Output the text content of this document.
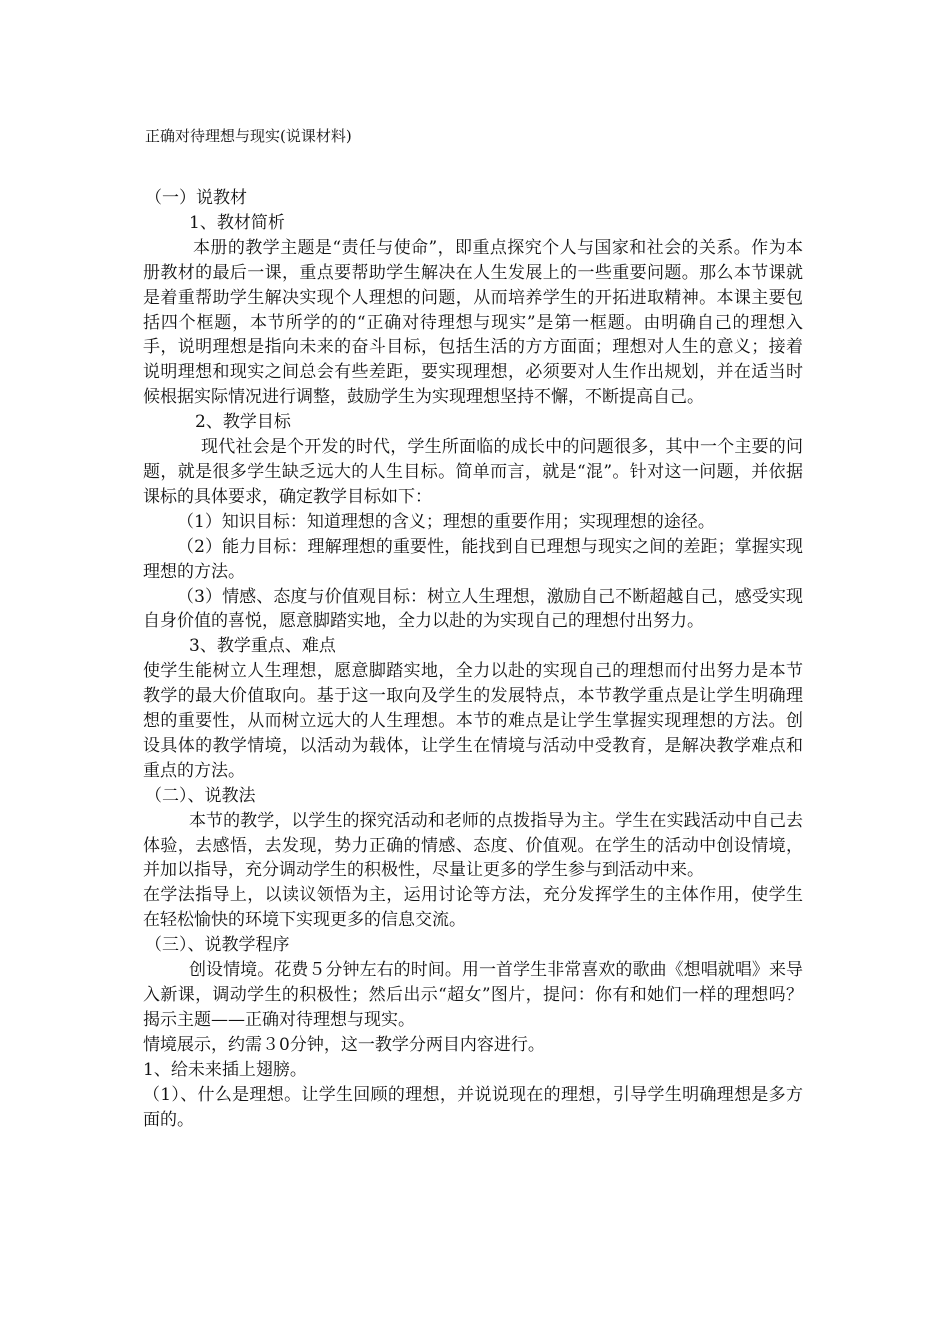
正确对待理想与现实(说课材料)

（一）说教材

1、教材简析

本册的教学主题是“责任与使命”，即重点探究个人与国家和社会的关系。作为本册教材的最后一课，重点要帮助学生解决在人生发展上的一些重要问题。那么本节课就是着重帮助学生解决实现个人理想的问题，从而培养学生的开拓进取精神。本课主要包括四个框题，本节所学的的“正确对待理想与现实”是第一框题。由明确自己的理想入手，说明理想是指向未来的奋斗目标，包括生活的方方面面；理想对人生的意义；接着说明理想和现实之间总会有些差距，要实现理想，必须要对人生作出规划，并在适当时候根据实际情况进行调整，鼓励学生为实现理想坚持不懈，不断提高自己。

2、教学目标

现代社会是个开发的时代，学生所面临的成长中的问题很多，其中一个主要的问题，就是很多学生缺乏远大的人生目标。简单而言，就是“混”。针对这一问题，并依据课标的具体要求，确定教学目标如下：

（1）知识目标：知道理想的含义；理想的重要作用；实现理想的途径。

（2）能力目标：理解理想的重要性，能找到自已理想与现实之间的差距；掌握实现理想的方法。

（3）情感、态度与价值观目标：树立人生理想，激励自己不断超越自己，感受实现自身价值的喜悦，愿意脚踏实地，全力以赴的为实现自己的理想付出努力。

3、教学重点、难点

使学生能树立人生理想，愿意脚踏实地，全力以赴的实现自己的理想而付出努力是本节教学的最大价值取向。基于这一取向及学生的发展特点，本节教学重点是让学生明确理想的重要性，从而树立远大的人生理想。本节的难点是让学生掌握实现理想的方法。创设具体的教学情境，以活动为载体，让学生在情境与活动中受教育，是解决教学难点和重点的方法。

（二）、说教法

本节的教学，以学生的探究活动和老师的点拨指导为主。学生在实践活动中自己去体验，去感悟，去发现，势力正确的情感、态度、价值观。在学生的活动中创设情境，并加以指导，充分调动学生的积极性，尽量让更多的学生参与到活动中来。

在学法指导上，以读议领悟为主，运用讨论等方法，充分发挥学生的主体作用，使学生在轻松愉快的环境下实现更多的信息交流。

（三）、说教学程序

创设情境。花费５分钟左右的时间。用一首学生非常喜欢的歌曲《想唱就唱》来导入新课，调动学生的积极性；然后出示“超女”图片，提问：你有和她们一样的理想吗？揭示主题——正确对待理想与现实。

情境展示，约需３0分钟，这一教学分两目内容进行。

1、给未来插上翅膀。

（1）、什么是理想。让学生回顾的理想，并说说现在的理想，引导学生明确理想是多方面的。
